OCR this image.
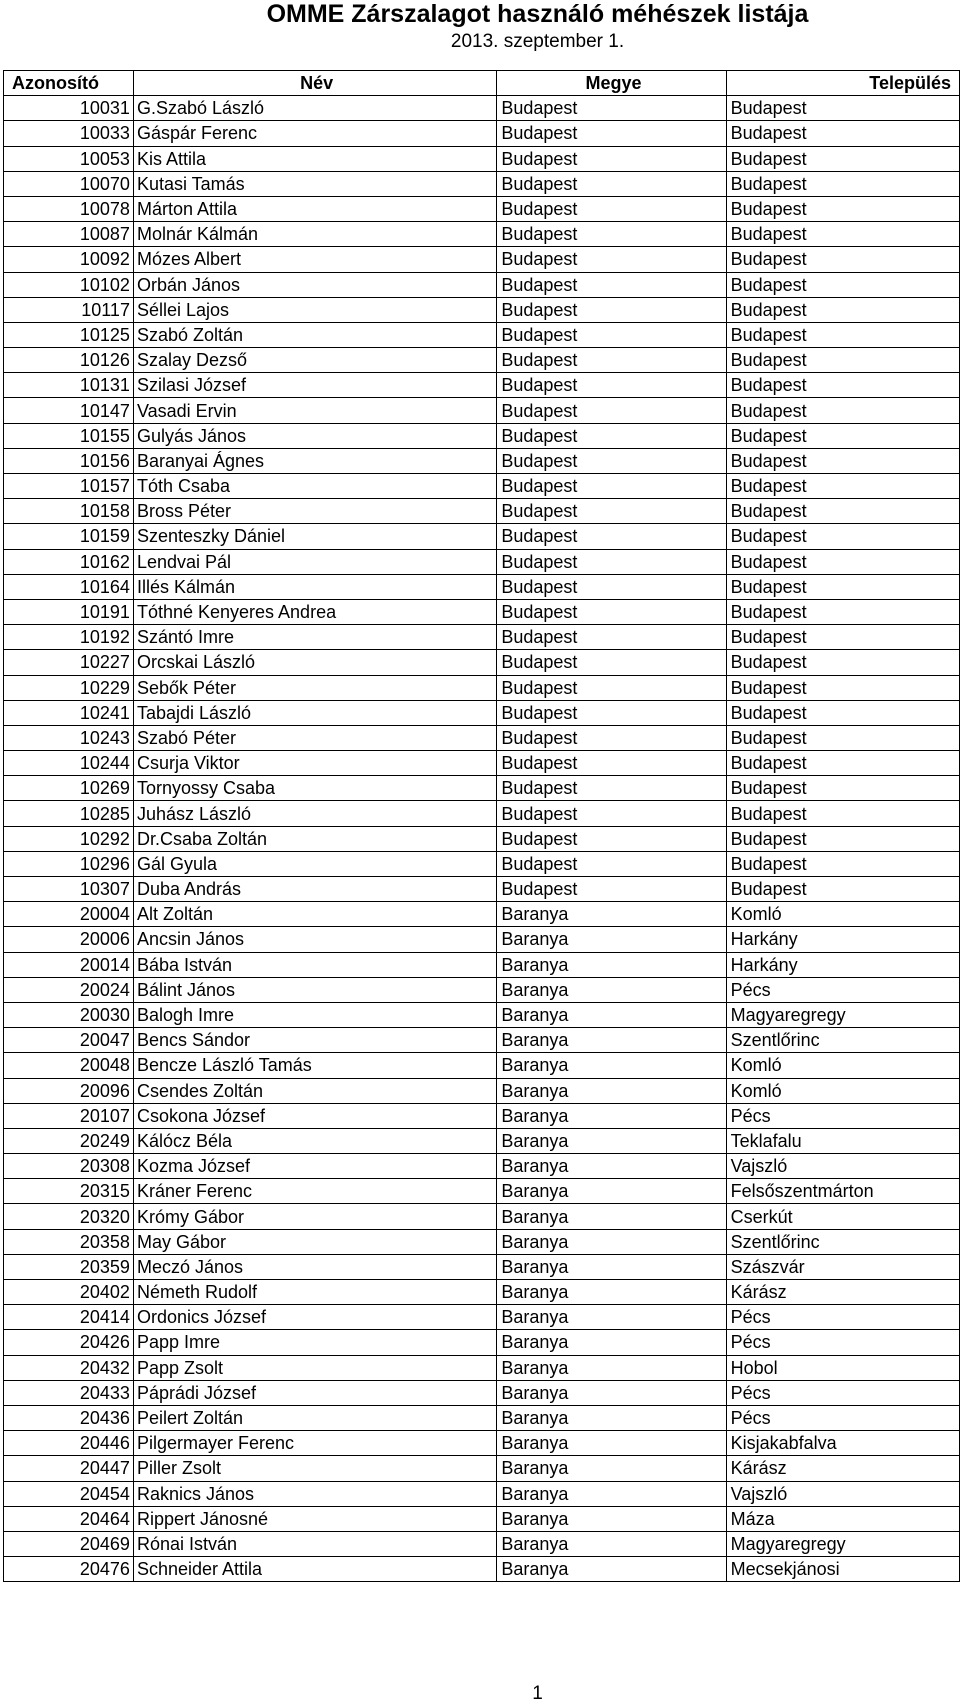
OMME Zárszalagot használó méhészek listája
2013. szeptember 1.
Azonosító	Név	Megye	Település
10031	G.Szabó László	Budapest	Budapest
10033	Gáspár Ferenc	Budapest	Budapest
10053	Kis Attila	Budapest	Budapest
10070	Kutasi Tamás	Budapest	Budapest
10078	Márton Attila	Budapest	Budapest
10087	Molnár Kálmán	Budapest	Budapest
10092	Mózes Albert	Budapest	Budapest
10102	Orbán János	Budapest	Budapest
10117	Séllei Lajos	Budapest	Budapest
10125	Szabó Zoltán	Budapest	Budapest
10126	Szalay Dezső	Budapest	Budapest
10131	Szilasi József	Budapest	Budapest
10147	Vasadi Ervin	Budapest	Budapest
10155	Gulyás János	Budapest	Budapest
10156	Baranyai Ágnes	Budapest	Budapest
10157	Tóth Csaba	Budapest	Budapest
10158	Bross Péter	Budapest	Budapest
10159	Szenteszky Dániel	Budapest	Budapest
10162	Lendvai Pál	Budapest	Budapest
10164	Illés Kálmán	Budapest	Budapest
10191	Tóthné Kenyeres Andrea	Budapest	Budapest
10192	Szántó Imre	Budapest	Budapest
10227	Orcskai László	Budapest	Budapest
10229	Sebők Péter	Budapest	Budapest
10241	Tabajdi László	Budapest	Budapest
10243	Szabó Péter	Budapest	Budapest
10244	Csurja Viktor	Budapest	Budapest
10269	Tornyossy Csaba	Budapest	Budapest
10285	Juhász László	Budapest	Budapest
10292	Dr.Csaba Zoltán	Budapest	Budapest
10296	Gál Gyula	Budapest	Budapest
10307	Duba András	Budapest	Budapest
20004	Alt Zoltán	Baranya	Komló
20006	Ancsin János	Baranya	Harkány
20014	Bába István	Baranya	Harkány
20024	Bálint János	Baranya	Pécs
20030	Balogh Imre	Baranya	Magyaregregy
20047	Bencs Sándor	Baranya	Szentlőrinc
20048	Bencze László Tamás	Baranya	Komló
20096	Csendes Zoltán	Baranya	Komló
20107	Csokona József	Baranya	Pécs
20249	Kálócz Béla	Baranya	Teklafalu
20308	Kozma József	Baranya	Vajszló
20315	Kráner Ferenc	Baranya	Felsőszentmárton
20320	Krómy Gábor	Baranya	Cserkút
20358	May Gábor	Baranya	Szentlőrinc
20359	Meczó János	Baranya	Szászvár
20402	Németh Rudolf	Baranya	Kárász
20414	Ordonics József	Baranya	Pécs
20426	Papp Imre	Baranya	Pécs
20432	Papp Zsolt	Baranya	Hobol
20433	Páprádi József	Baranya	Pécs
20436	Peilert Zoltán	Baranya	Pécs
20446	Pilgermayer Ferenc	Baranya	Kisjakabfalva
20447	Piller Zsolt	Baranya	Kárász
20454	Raknics János	Baranya	Vajszló
20464	Rippert Jánosné	Baranya	Máza
20469	Rónai István	Baranya	Magyaregregy
20476	Schneider Attila	Baranya	Mecsekjánosi
1
